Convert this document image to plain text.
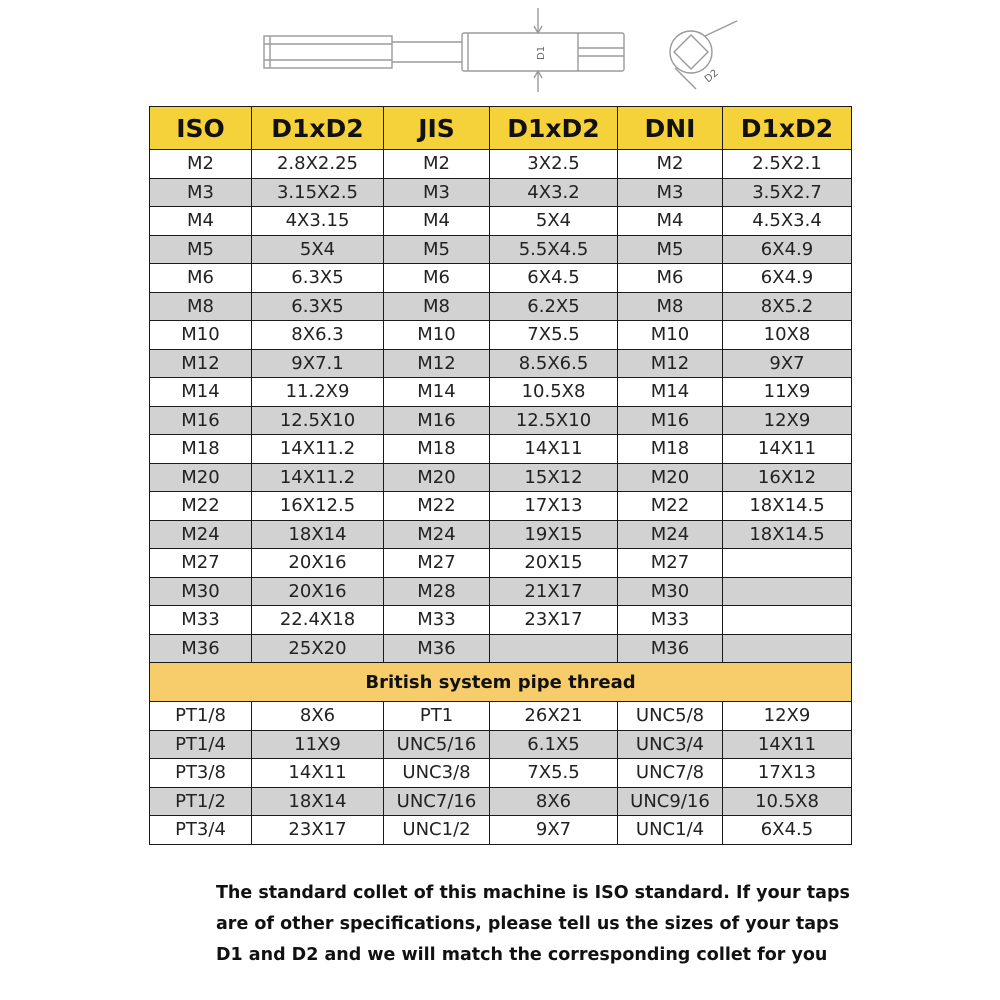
D1
D2
ISO	D1xD2	JIS	D1xD2	DNI	D1xD2
M2	2.8X2.25	M2	3X2.5	M2	2.5X2.1
M3	3.15X2.5	M3	4X3.2	M3	3.5X2.7
M4	4X3.15	M4	5X4	M4	4.5X3.4
M5	5X4	M5	5.5X4.5	M5	6X4.9
M6	6.3X5	M6	6X4.5	M6	6X4.9
M8	6.3X5	M8	6.2X5	M8	8X5.2
M10	8X6.3	M10	7X5.5	M10	10X8
M12	9X7.1	M12	8.5X6.5	M12	9X7
M14	11.2X9	M14	10.5X8	M14	11X9
M16	12.5X10	M16	12.5X10	M16	12X9
M18	14X11.2	M18	14X11	M18	14X11
M20	14X11.2	M20	15X12	M20	16X12
M22	16X12.5	M22	17X13	M22	18X14.5
M24	18X14	M24	19X15	M24	18X14.5
M27	20X16	M27	20X15	M27	
M30	20X16	M28	21X17	M30	
M33	22.4X18	M33	23X17	M33	
M36	25X20	M36		M36	
British system pipe thread					
PT1/8	8X6	PT1	26X21	UNC5/8	12X9
PT1/4	11X9	UNC5/16	6.1X5	UNC3/4	14X11
PT3/8	14X11	UNC3/8	7X5.5	UNC7/8	17X13
PT1/2	18X14	UNC7/16	8X6	UNC9/16	10.5X8
PT3/4	23X17	UNC1/2	9X7	UNC1/4	6X4.5
The standard collet of this machine is ISO standard. If your taps
are of other specifications, please tell us the sizes of your taps
D1 and D2 and we will match the corresponding collet for you
